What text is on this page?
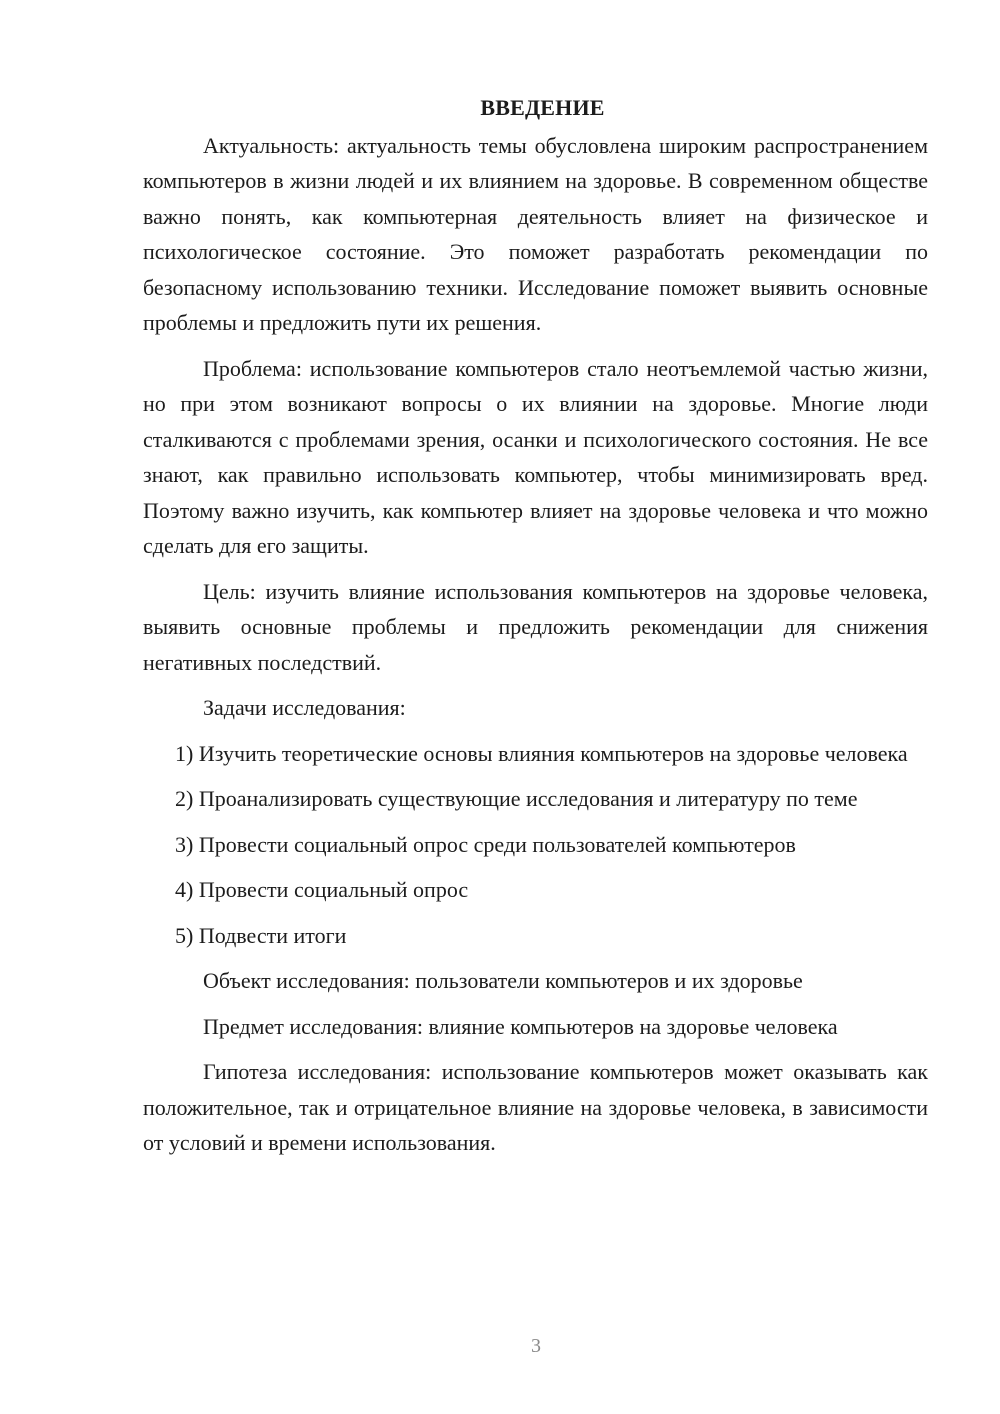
ВВЕДЕНИЕ

Актуальность: актуальность темы обусловлена широким распространением компьютеров в жизни людей и их влиянием на здоровье. В современном обществе важно понять, как компьютерная деятельность влияет на физическое и психологическое состояние. Это поможет разработать рекомендации по безопасному использованию техники. Исследование поможет выявить основные проблемы и предложить пути их решения.

Проблема: использование компьютеров стало неотъемлемой частью жизни, но при этом возникают вопросы о их влиянии на здоровье. Многие люди сталкиваются с проблемами зрения, осанки и психологического состояния. Не все знают, как правильно использовать компьютер, чтобы минимизировать вред. Поэтому важно изучить, как компьютер влияет на здоровье человека и что можно сделать для его защиты.

Цель: изучить влияние использования компьютеров на здоровье человека, выявить основные проблемы и предложить рекомендации для снижения негативных последствий.

Задачи исследования:

1) Изучить теоретические основы влияния компьютеров на здоровье человека

2) Проанализировать существующие исследования и литературу по теме

3) Провести социальный опрос среди пользователей компьютеров

4) Провести социальный опрос

5) Подвести итоги

Объект исследования: пользователи компьютеров и их здоровье

Предмет исследования: влияние компьютеров на здоровье человека

Гипотеза исследования: использование компьютеров может оказывать как положительное, так и отрицательное влияние на здоровье человека, в зависимости от условий и времени использования.

3
